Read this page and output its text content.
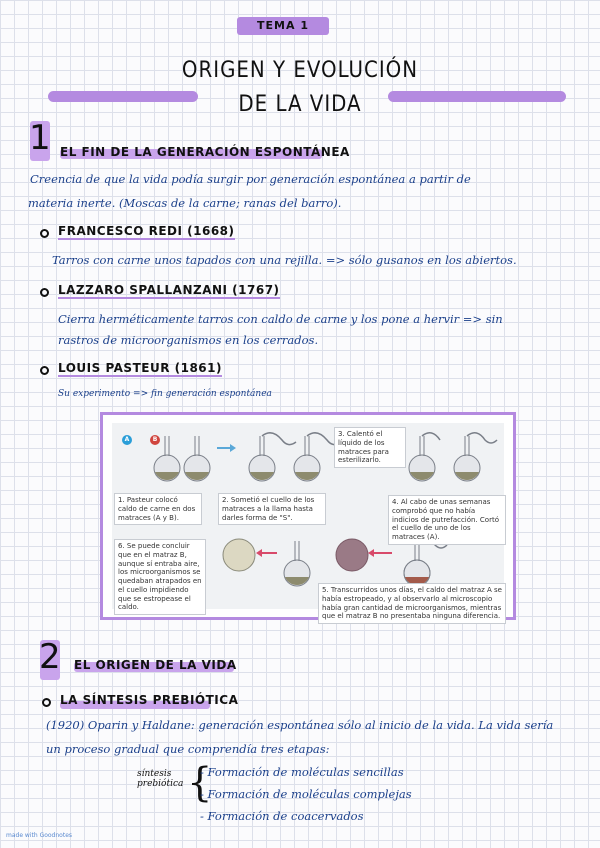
TEMA 1
ORIGEN Y EVOLUCIÓN
DE LA VIDA
1 EL FIN DE LA GENERACIÓN ESPONTÁNEA
Creencia de que la vida podía surgir por generación espontánea a partir de
materia inerte. (Moscas de la carne; ranas del barro).
FRANCESCO REDI (1668)
Tarros con carne unos tapados con una rejilla. => sólo gusanos en los abiertos.
LAZZARO SPALLANZANI (1767)
Cierra herméticamente tarros con caldo de carne y los pone a hervir => sin
rastros de microorganismos en los cerrados.
LOUIS PASTEUR (1861)
Su experimento => fin generación espontánea
A	B
1. Pasteur colocó caldo de carne en dos matraces (A y B).
2. Sometió el cuello de los matraces a la llama hasta darles forma de "S".
3. Calentó el líquido de los matraces para esterilizarlo.
4. Al cabo de unas semanas comprobó que no había indicios de putrefacción. Cortó el cuello de uno de los matraces (A).
6. Se puede concluir que en el matraz B, aunque sí entraba aire, los microorganismos se quedaban atrapados en el cuello impidiendo que se estropease el caldo.
5. Transcurridos unos días, el caldo del matraz A se había estropeado, y al observarlo al microscopio había gran cantidad de microorganismos, mientras que el matraz B no presentaba ninguna diferencia.
2 EL ORIGEN DE LA VIDA
LA SÍNTESIS PREBIÓTICA
(1920) Oparin y Haldane: generación espontánea sólo al inicio de la vida. La vida sería
un proceso gradual que comprendía tres etapas:
síntesis
prebiótica {
- Formación de moléculas sencillas
- Formación de moléculas complejas
- Formación de coacervados
made with Goodnotes
